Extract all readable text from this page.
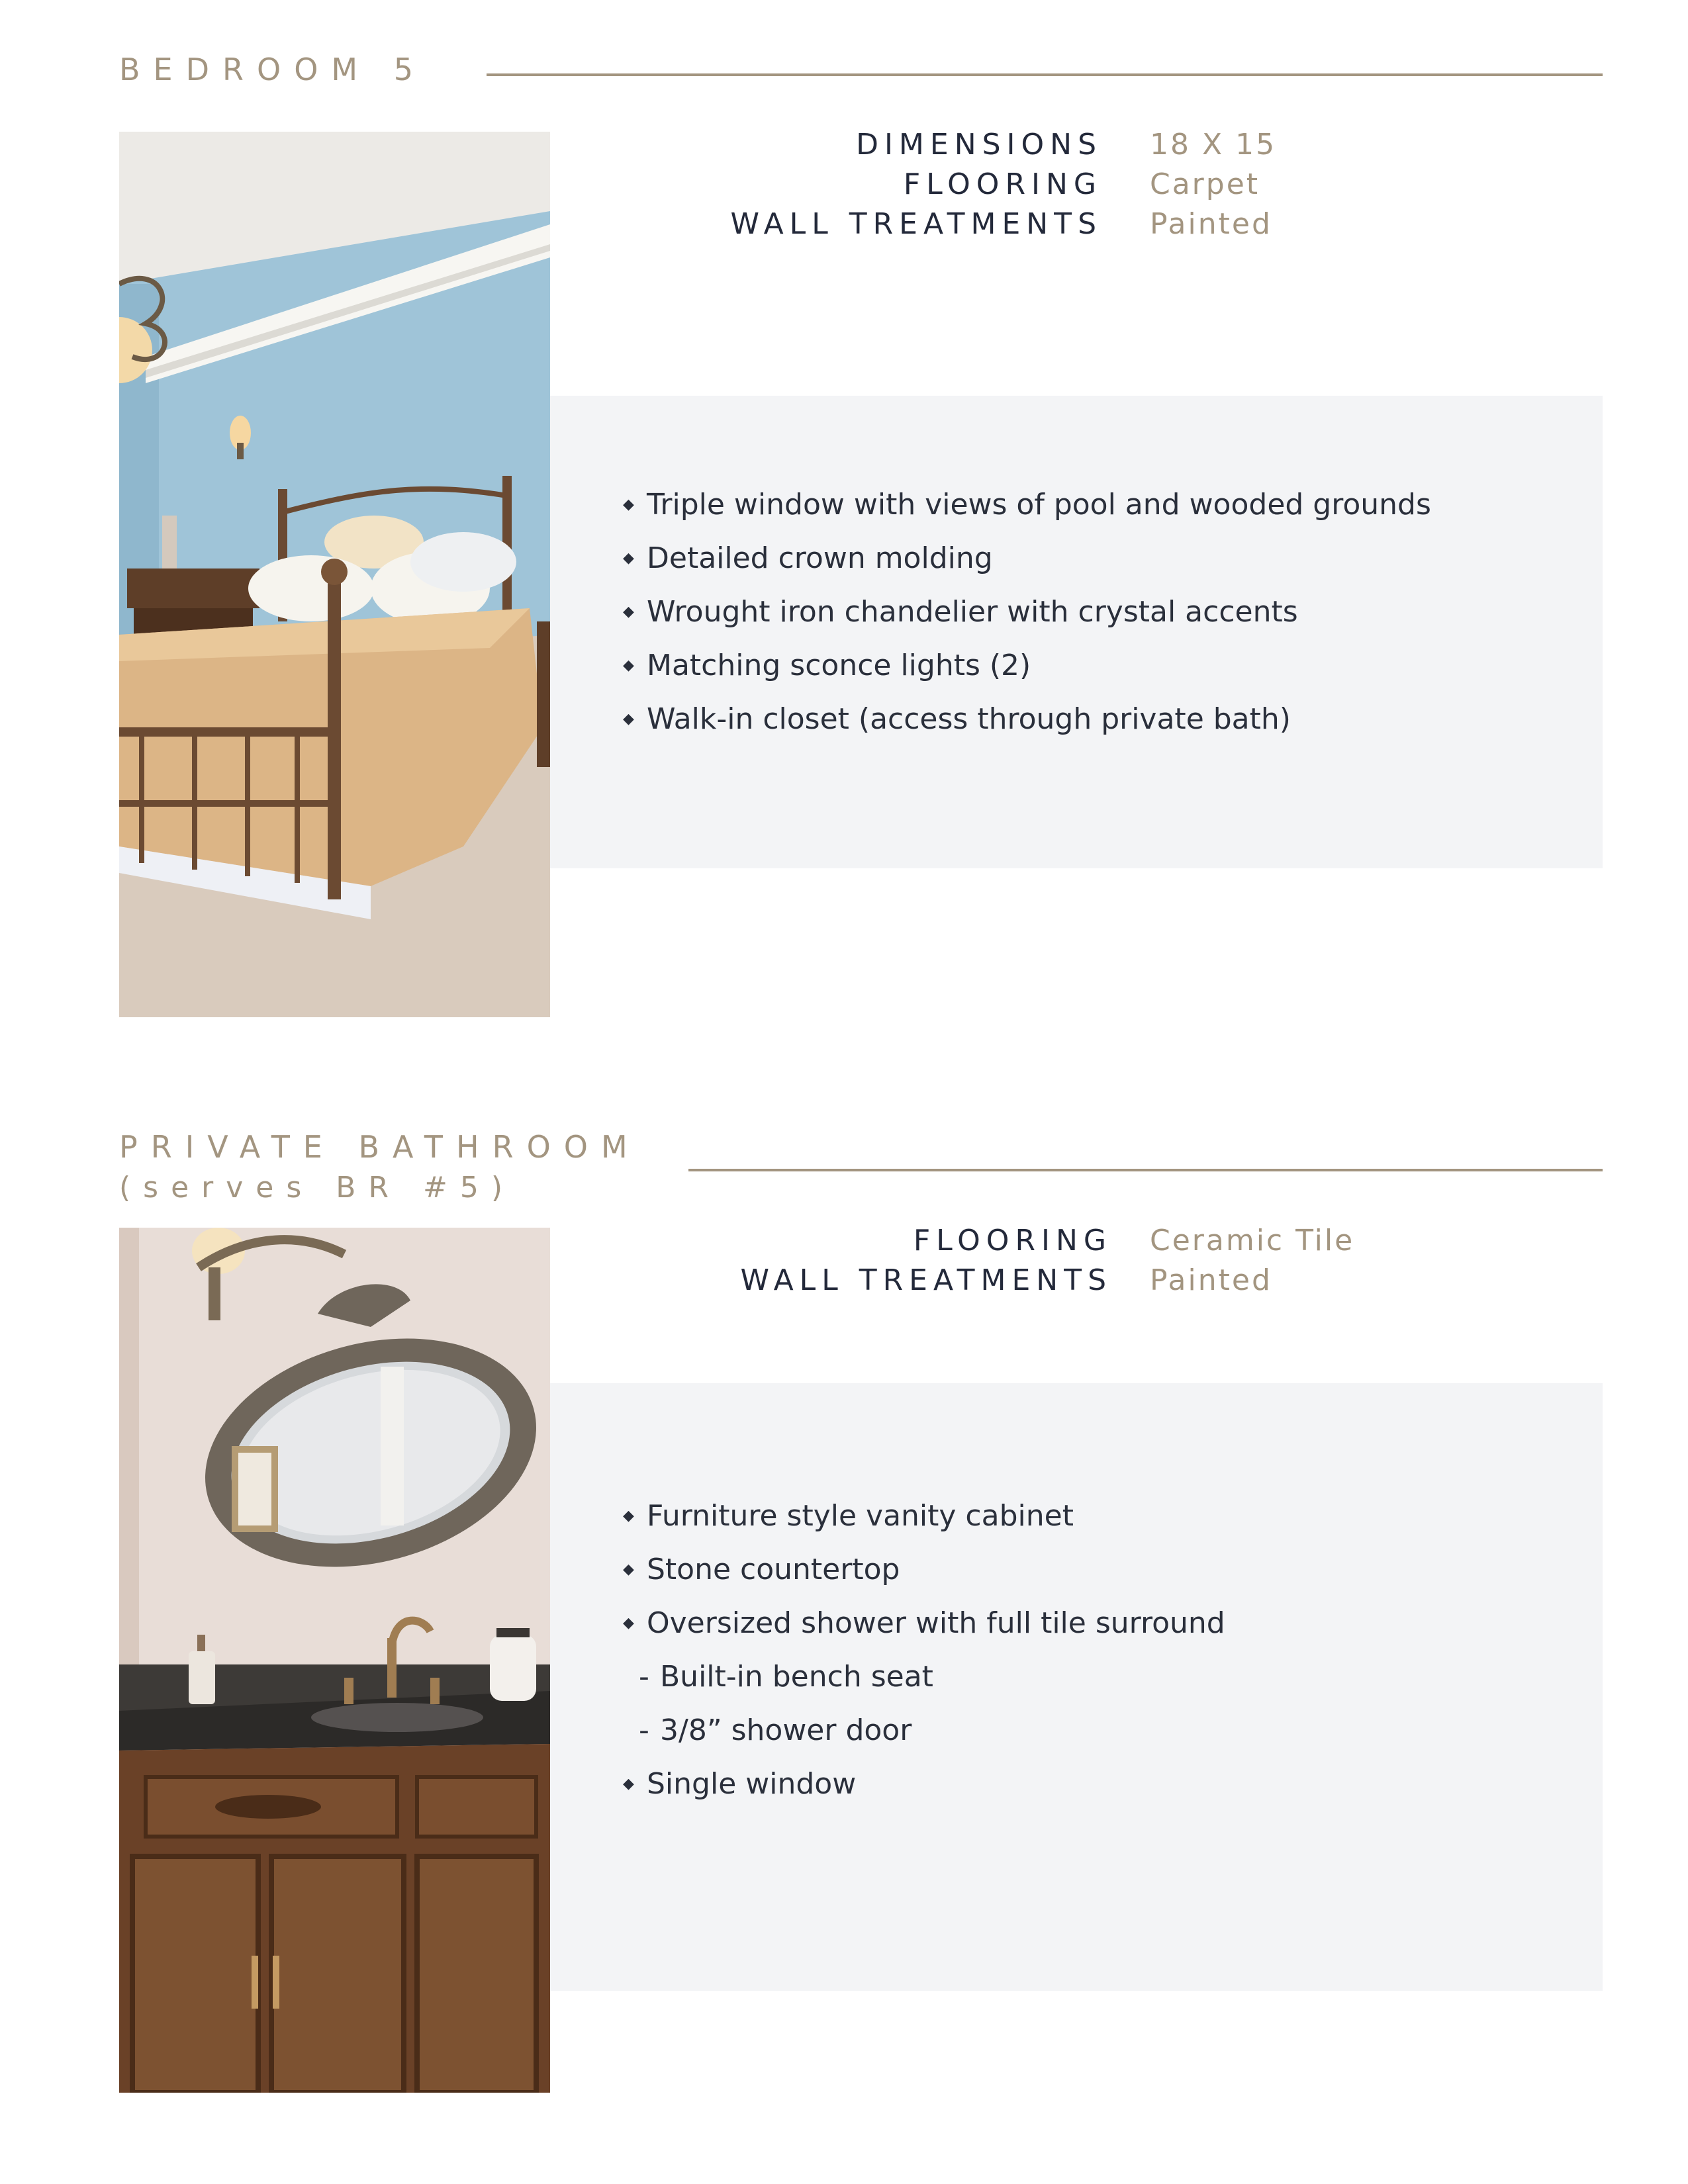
BEDROOM 5
DIMENSIONS 18 X 15
FLOORING Carpet
WALL TREATMENTS Painted
◆ Triple window with views of pool and wooded grounds
◆ Detailed crown molding
◆ Wrought iron chandelier with crystal accents
◆ Matching sconce lights (2)
◆ Walk-in closet (access through private bath)
PRIVATE BATHROOM
(serves BR #5)
FLOORING Ceramic Tile
WALL TREATMENTS Painted
◆ Furniture style vanity cabinet
◆ Stone countertop
◆ Oversized shower with full tile surround
- Built-in bench seat
- 3/8” shower door
◆ Single window
